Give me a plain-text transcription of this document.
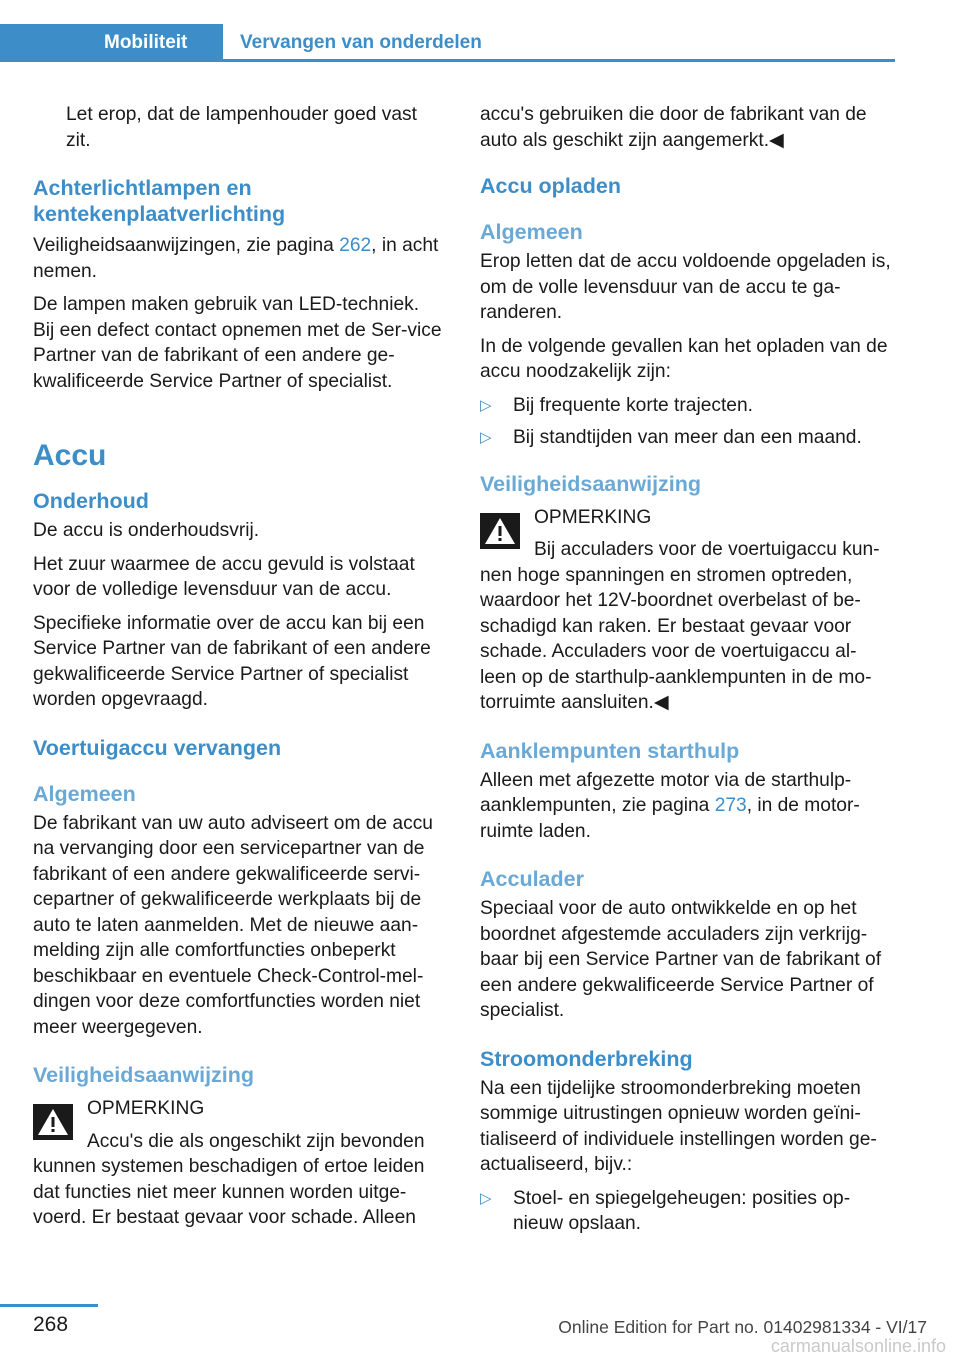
Mobiliteit	Vervangen van onderdelen

Let erop, dat de lampenhouder goed vast zit.

Achterlichtlampen en kentekenplaatverlichting

Veiligheidsaanwijzingen, zie pagina 262, in acht nemen.

De lampen maken gebruik van LED-techniek. Bij een defect contact opnemen met de Ser‐vice Partner van de fabrikant of een andere ge‐kwalificeerde Service Partner of specialist.

Accu
Onderhoud

De accu is onderhoudsvrij.

Het zuur waarmee de accu gevuld is volstaat voor de volledige levensduur van de accu.

Specifieke informatie over de accu kan bij een Service Partner van de fabrikant of een andere gekwalificeerde Service Partner of specialist worden opgevraagd.

Voertuigaccu vervangen
Algemeen

De fabrikant van uw auto adviseert om de accu na vervanging door een servicepartner van de fabrikant of een andere gekwalificeerde servi‐cepartner of gekwalificeerde werkplaats bij de auto te laten aanmelden. Met de nieuwe aan‐melding zijn alle comfortfuncties onbeperkt beschikbaar en eventuele Check-Control-mel‐dingen voor deze comfortfuncties worden niet meer weergegeven.

Veiligheidsaanwijzing
OPMERKING
Accu's die als ongeschikt zijn bevonden
kunnen systemen beschadigen of ertoe leiden dat functies niet meer kunnen worden uitge‐voerd. Er bestaat gevaar voor schade. Alleen

accu's gebruiken die door de fabrikant van de auto als geschikt zijn aangemerkt.◀

Accu opladen
Algemeen

Erop letten dat de accu voldoende opgeladen is, om de volle levensduur van de accu te ga‐randeren.

In de volgende gevallen kan het opladen van de accu noodzakelijk zijn:

▷ Bij frequente korte trajecten.
▷ Bij standtijden van meer dan een maand.
Veiligheidsaanwijzing
OPMERKING
Bij acculaders voor de voertuigaccu kun‐
nen hoge spanningen en stromen optreden, waardoor het 12V-boordnet overbelast of be‐schadigd kan raken. Er bestaat gevaar voor schade. Acculaders voor de voertuigaccu al‐leen op de starthulp-aanklempunten in de mo‐torruimte aansluiten.◀
Aanklempunten starthulp

Alleen met afgezette motor via de starthulp-aanklempunten, zie pagina 273, in de motor‐ruimte laden.

Acculader

Speciaal voor de auto ontwikkelde en op het boordnet afgestemde acculaders zijn verkrijg‐baar bij een Service Partner van de fabrikant of een andere gekwalificeerde Service Partner of specialist.

Stroomonderbreking

Na een tijdelijke stroomonderbreking moeten sommige uitrustingen opnieuw worden geïni‐tialiseerd of individuele instellingen worden ge‐actualiseerd, bijv.:

▷ Stoel- en spiegelgeheugen: posities op‐nieuw opslaan.
268	Online Edition for Part no. 01402981334 - VI/17
carmanualsonline.info
